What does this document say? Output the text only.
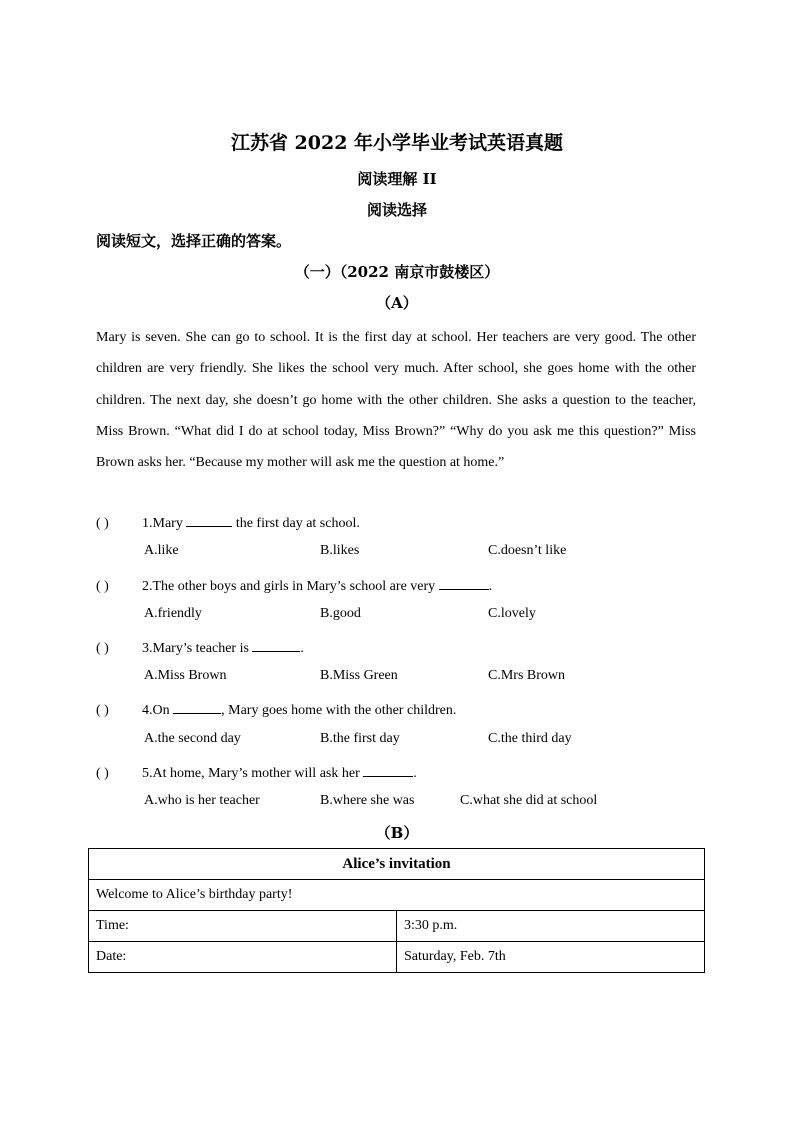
江苏省 2022 年小学毕业考试英语真题
阅读理解 II
阅读选择
阅读短文，选择正确的答案。
（一）（2022 南京市鼓楼区）
（A）
Mary is seven. She can go to school. It is the first day at school. Her teachers are very good. The other children are very friendly. She likes the school very much. After school, she goes home with the other children. The next day, she doesn’t go home with the other children. She asks a question to the teacher, Miss Brown. “What did I do at school today, Miss Brown?” “Why do you ask me this question?” Miss Brown asks her. “Because my mother will ask me the question at home.”
( ) 1.Mary	the first day at school.
A.like	B.likes	C.doesn’t like
( ) 2.The other boys and girls in Mary’s school are very	.
A.friendly	B.good	C.lovely
( ) 3.Mary’s teacher is	.
A.Miss Brown	B.Miss Green	C.Mrs Brown
( ) 4.On	, Mary goes home with the other children.
A.the second day	B.the first day	C.the third day
( ) 5.At home, Mary’s mother will ask her	.
A.who is her teacher	B.where she was	C.what she did at school
（B）
Alice’s invitation	
Welcome to Alice’s birthday party!	
Time:	3:30 p.m.
Date:	Saturday, Feb. 7th
